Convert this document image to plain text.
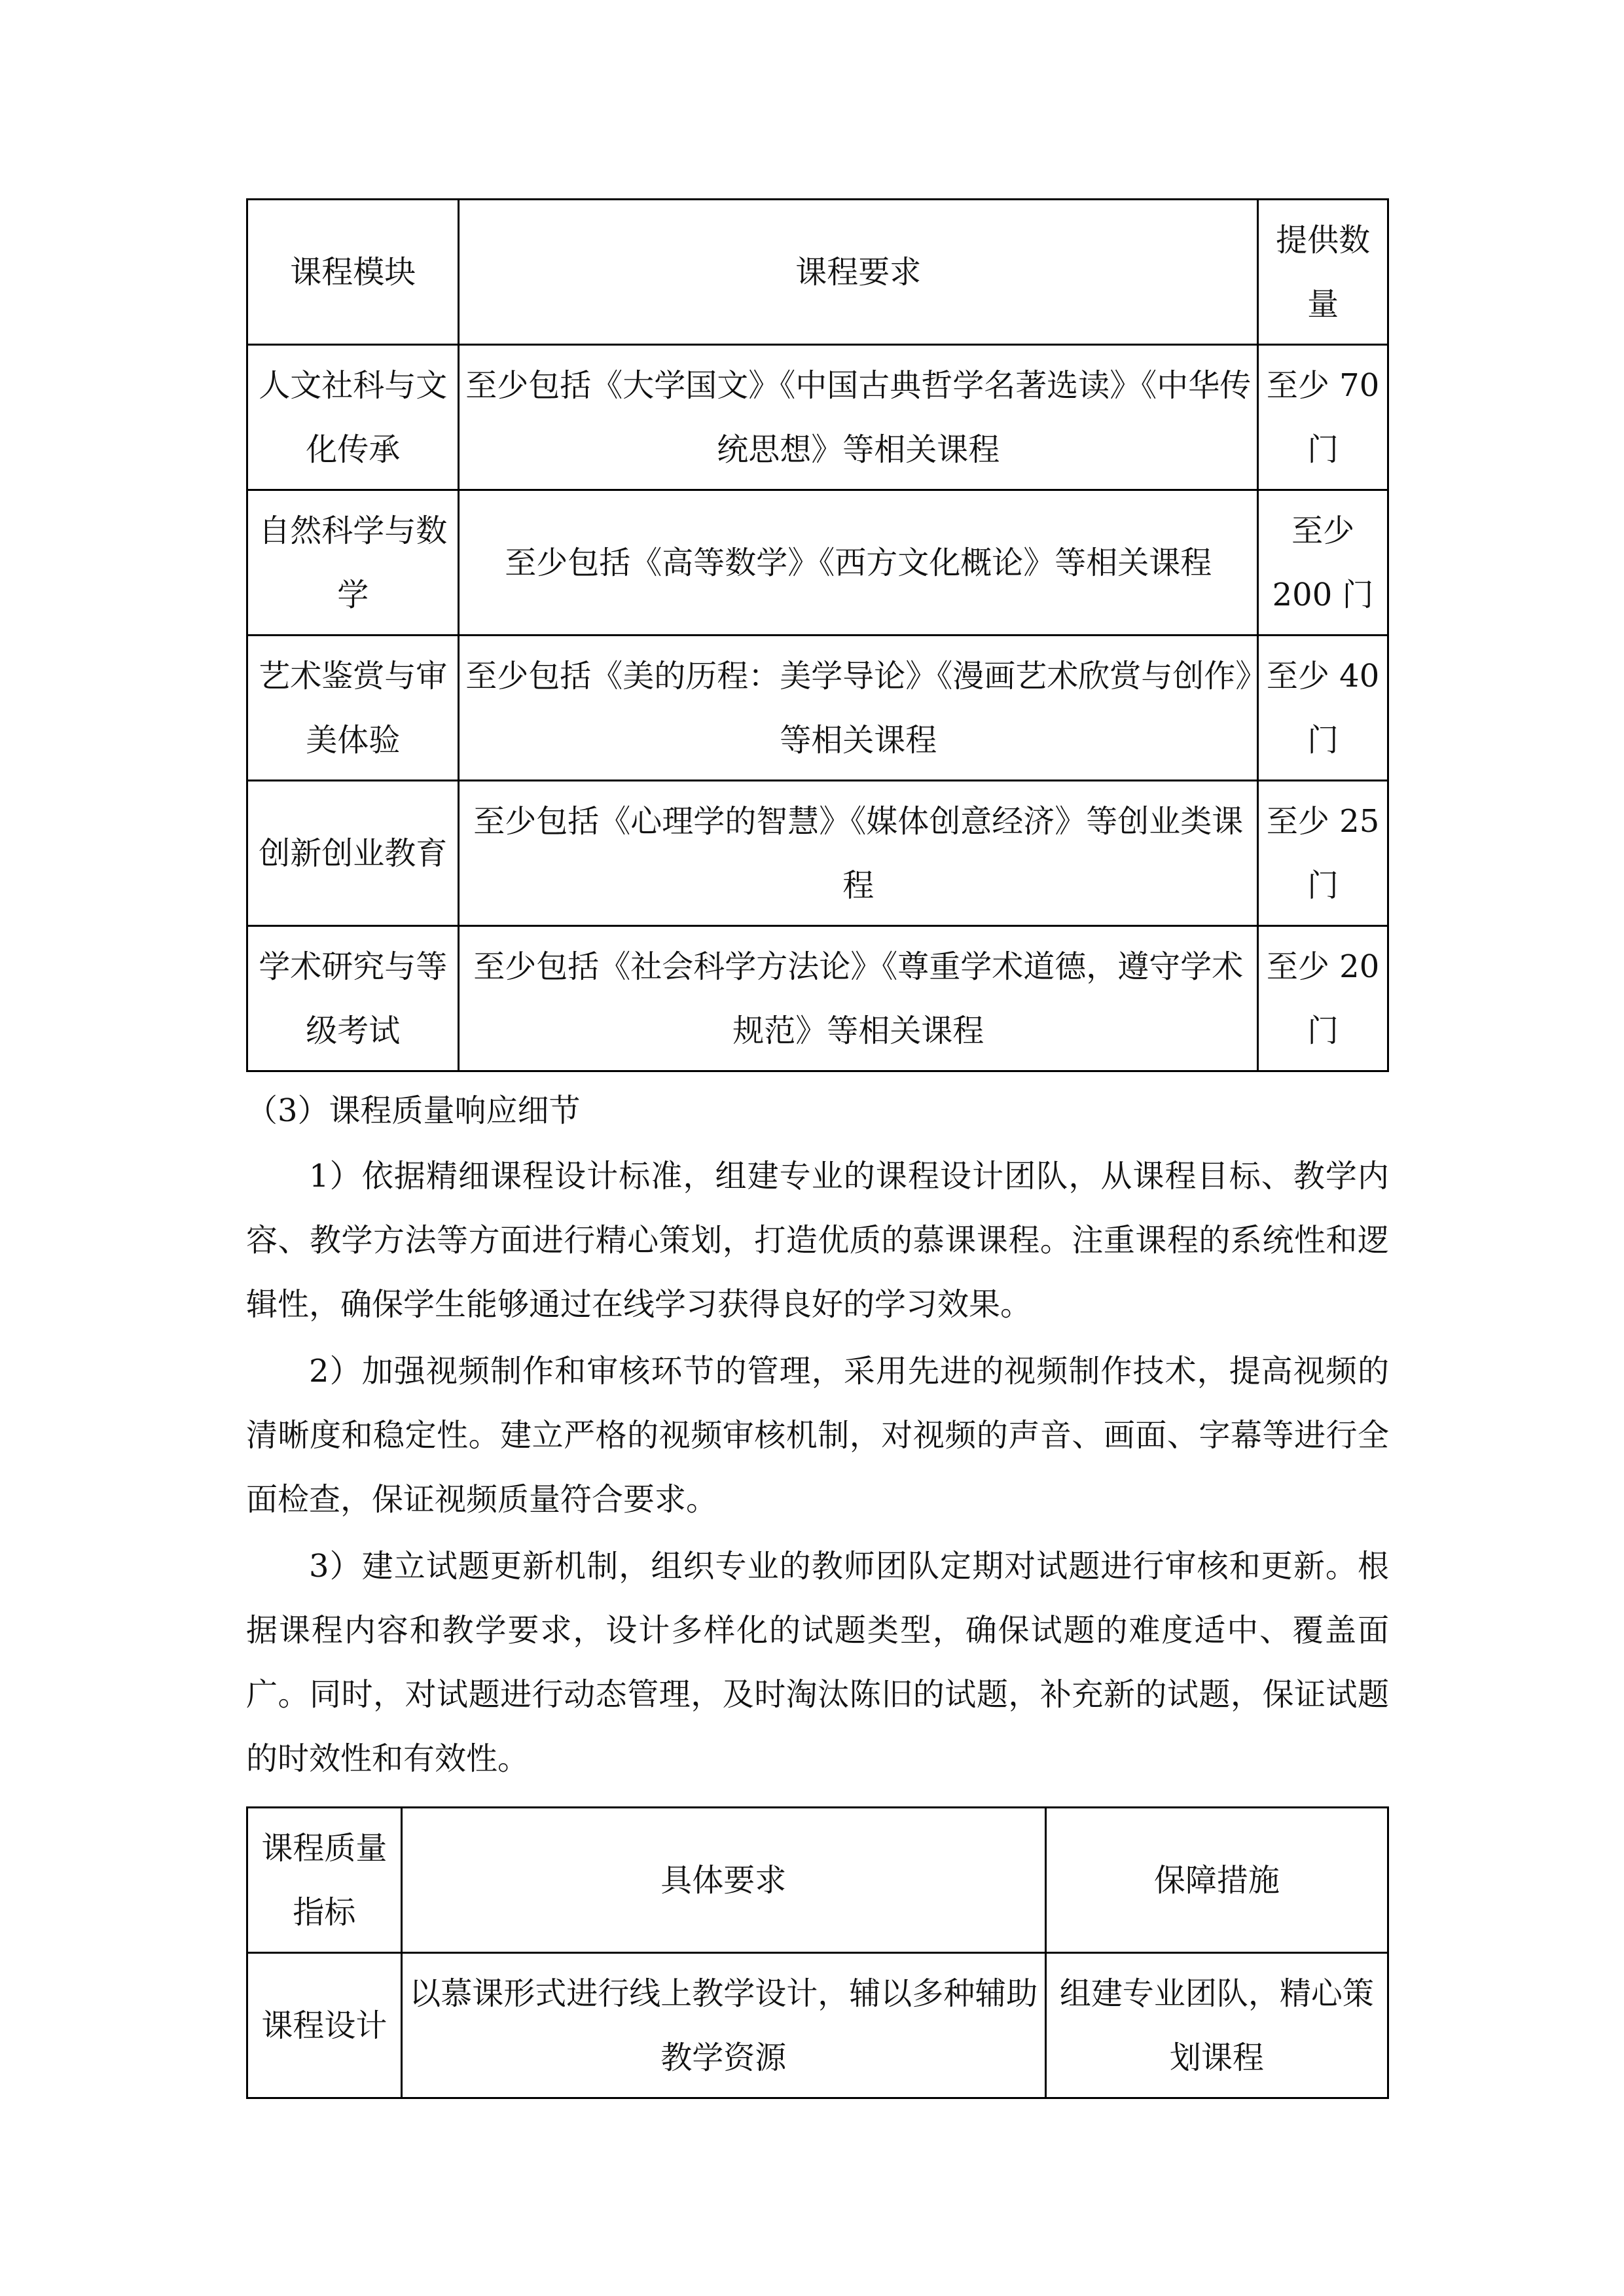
课程模块	课程要求	提供数量
人文社科与文化传承	至少包括《大学国文》《中国古典哲学名著选读》《中华传统思想》等相关课程	至少 70 门
自然科学与数学	至少包括《高等数学》《西方文化概论》等相关课程	至少 200 门
艺术鉴赏与审美体验	至少包括《美的历程：美学导论》《漫画艺术欣赏与创作》等相关课程	至少 40 门
创新创业教育	至少包括《心理学的智慧》《媒体创意经济》等创业类课程	至少 25 门
学术研究与等级考试	至少包括《社会科学方法论》《尊重学术道德，遵守学术规范》等相关课程	至少 20 门
（3）课程质量响应细节

1）依据精细课程设计标准，组建专业的课程设计团队，从课程目标、教学内容、教学方法等方面进行精心策划，打造优质的慕课课程。注重课程的系统性和逻辑性，确保学生能够通过在线学习获得良好的学习效果。

2）加强视频制作和审核环节的管理，采用先进的视频制作技术，提高视频的清晰度和稳定性。建立严格的视频审核机制，对视频的声音、画面、字幕等进行全面检查，保证视频质量符合要求。

3）建立试题更新机制，组织专业的教师团队定期对试题进行审核和更新。根据课程内容和教学要求，设计多样化的试题类型，确保试题的难度适中、覆盖面广。同时，对试题进行动态管理，及时淘汰陈旧的试题，补充新的试题，保证试题的时效性和有效性。

课程质量指标	具体要求	保障措施
课程设计	以慕课形式进行线上教学设计，辅以多种辅助教学资源	组建专业团队，精心策划课程
